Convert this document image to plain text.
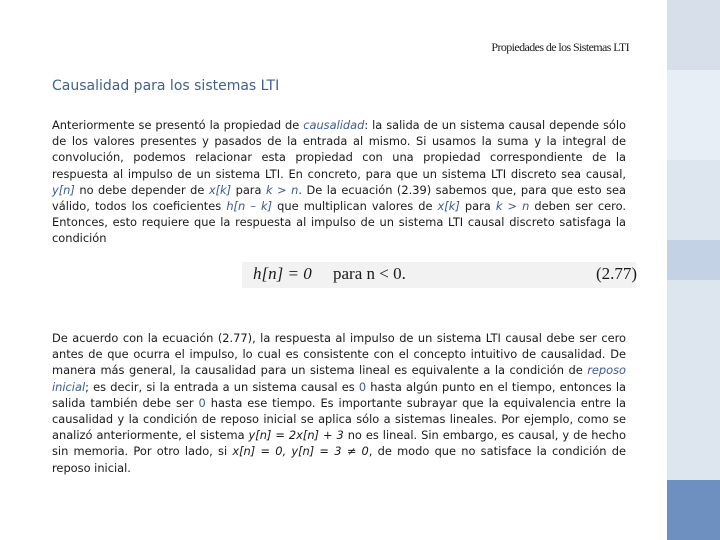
Propiedades de los Sistemas LTI
Causalidad para los sistemas LTI
Anteriormente se presentó la propiedad de causalidad: la salida de un sistema causal depende sólo de los valores presentes y pasados de la entrada al mismo. Si usamos la suma y la integral de convolución, podemos relacionar esta propiedad con una propiedad correspondiente de la respuesta al impulso de un sistema LTI. En concreto, para que un sistema LTI discreto sea causal, y[n] no debe depender de x[k] para k > n. De la ecuación (2.39) sabemos que, para que esto sea válido, todos los coeficientes h[n – k] que multiplican valores de x[k] para k > n deben ser cero. Entonces, esto requiere que la respuesta al impulso de un sistema LTI causal discreto satisfaga la condición
h[n] = 0 para n < 0.	(2.77)
De acuerdo con la ecuación (2.77), la respuesta al impulso de un sistema LTI causal debe ser cero antes de que ocurra el impulso, lo cual es consistente con el concepto intuitivo de causalidad. De manera más general, la causalidad para un sistema lineal es equivalente a la condición de reposo inicial; es decir, si la entrada a un sistema causal es 0 hasta algún punto en el tiempo, entonces la salida también debe ser 0 hasta ese tiempo. Es importante subrayar que la equivalencia entre la causalidad y la condición de reposo inicial se aplica sólo a sistemas lineales. Por ejemplo, como se analizó anteriormente, el sistema y[n] = 2x[n] + 3 no es lineal. Sin embargo, es causal, y de hecho sin memoria. Por otro lado, si x[n] = 0, y[n] = 3 ≠ 0, de modo que no satisface la condición de reposo inicial.
